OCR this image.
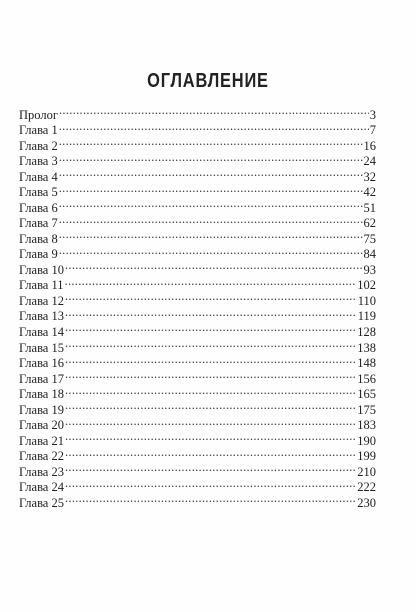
ОГЛАВЛЕНИЕ
Пролог .....	3
Глава 1 .....	7
Глава 2 .....	16
Глава 3 .....	24
Глава 4 .....	32
Глава 5 .....	42
Глава 6 .....	51
Глава 7 .....	62
Глава 8 .....	75
Глава 9 .....	84
Глава 10 .....	93
Глава 11 .....	102
Глава 12 .....	110
Глава 13 .....	119
Глава 14 .....	128
Глава 15 .....	138
Глава 16 .....	148
Глава 17 .....	156
Глава 18 .....	165
Глава 19 .....	175
Глава 20 .....	183
Глава 21 .....	190
Глава 22 .....	199
Глава 23 .....	210
Глава 24 .....	222
Глава 25 .....	230
